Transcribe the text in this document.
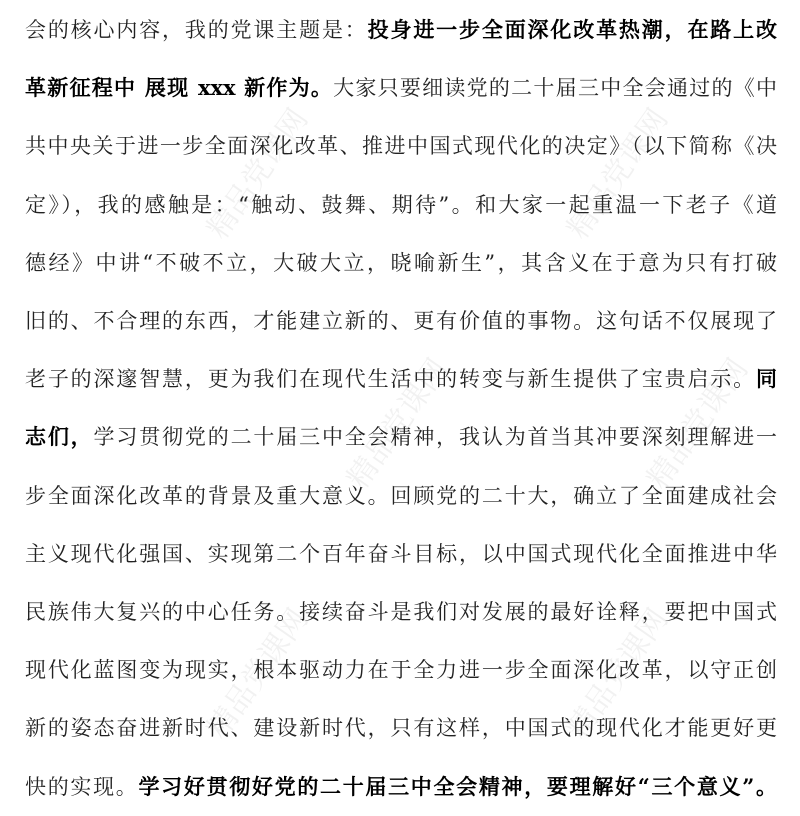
精品党课网	精品党课网
精品党课网	精品党课网
精品党课网	精品党课网
会的核心内容，我的党课主题是：投身进一步全面深化改革热潮，在路上改
革新征程中 展现 xxx 新作为。大家只要细读党的二十届三中全会通过的《中
共中央关于进一步全面深化改革、推进中国式现代化的决定》（以下简称《决
定》），我的感触是：“触动、鼓舞、期待”。和大家一起重温一下老子《道
德经》中讲“不破不立，大破大立，晓喻新生”，其含义在于意为只有打破
旧的、不合理的东西，才能建立新的、更有价值的事物。这句话不仅展现了
老子的深邃智慧，更为我们在现代生活中的转变与新生提供了宝贵启示。同
志们，学习贯彻党的二十届三中全会精神，我认为首当其冲要深刻理解进一
步全面深化改革的背景及重大意义。回顾党的二十大，确立了全面建成社会
主义现代化强国、实现第二个百年奋斗目标，以中国式现代化全面推进中华
民族伟大复兴的中心任务。接续奋斗是我们对发展的最好诠释，要把中国式
现代化蓝图变为现实，根本驱动力在于全力进一步全面深化改革，以守正创
新的姿态奋进新时代、建设新时代，只有这样，中国式的现代化才能更好更
快的实现。学习好贯彻好党的二十届三中全会精神，要理解好“三个意义”。
